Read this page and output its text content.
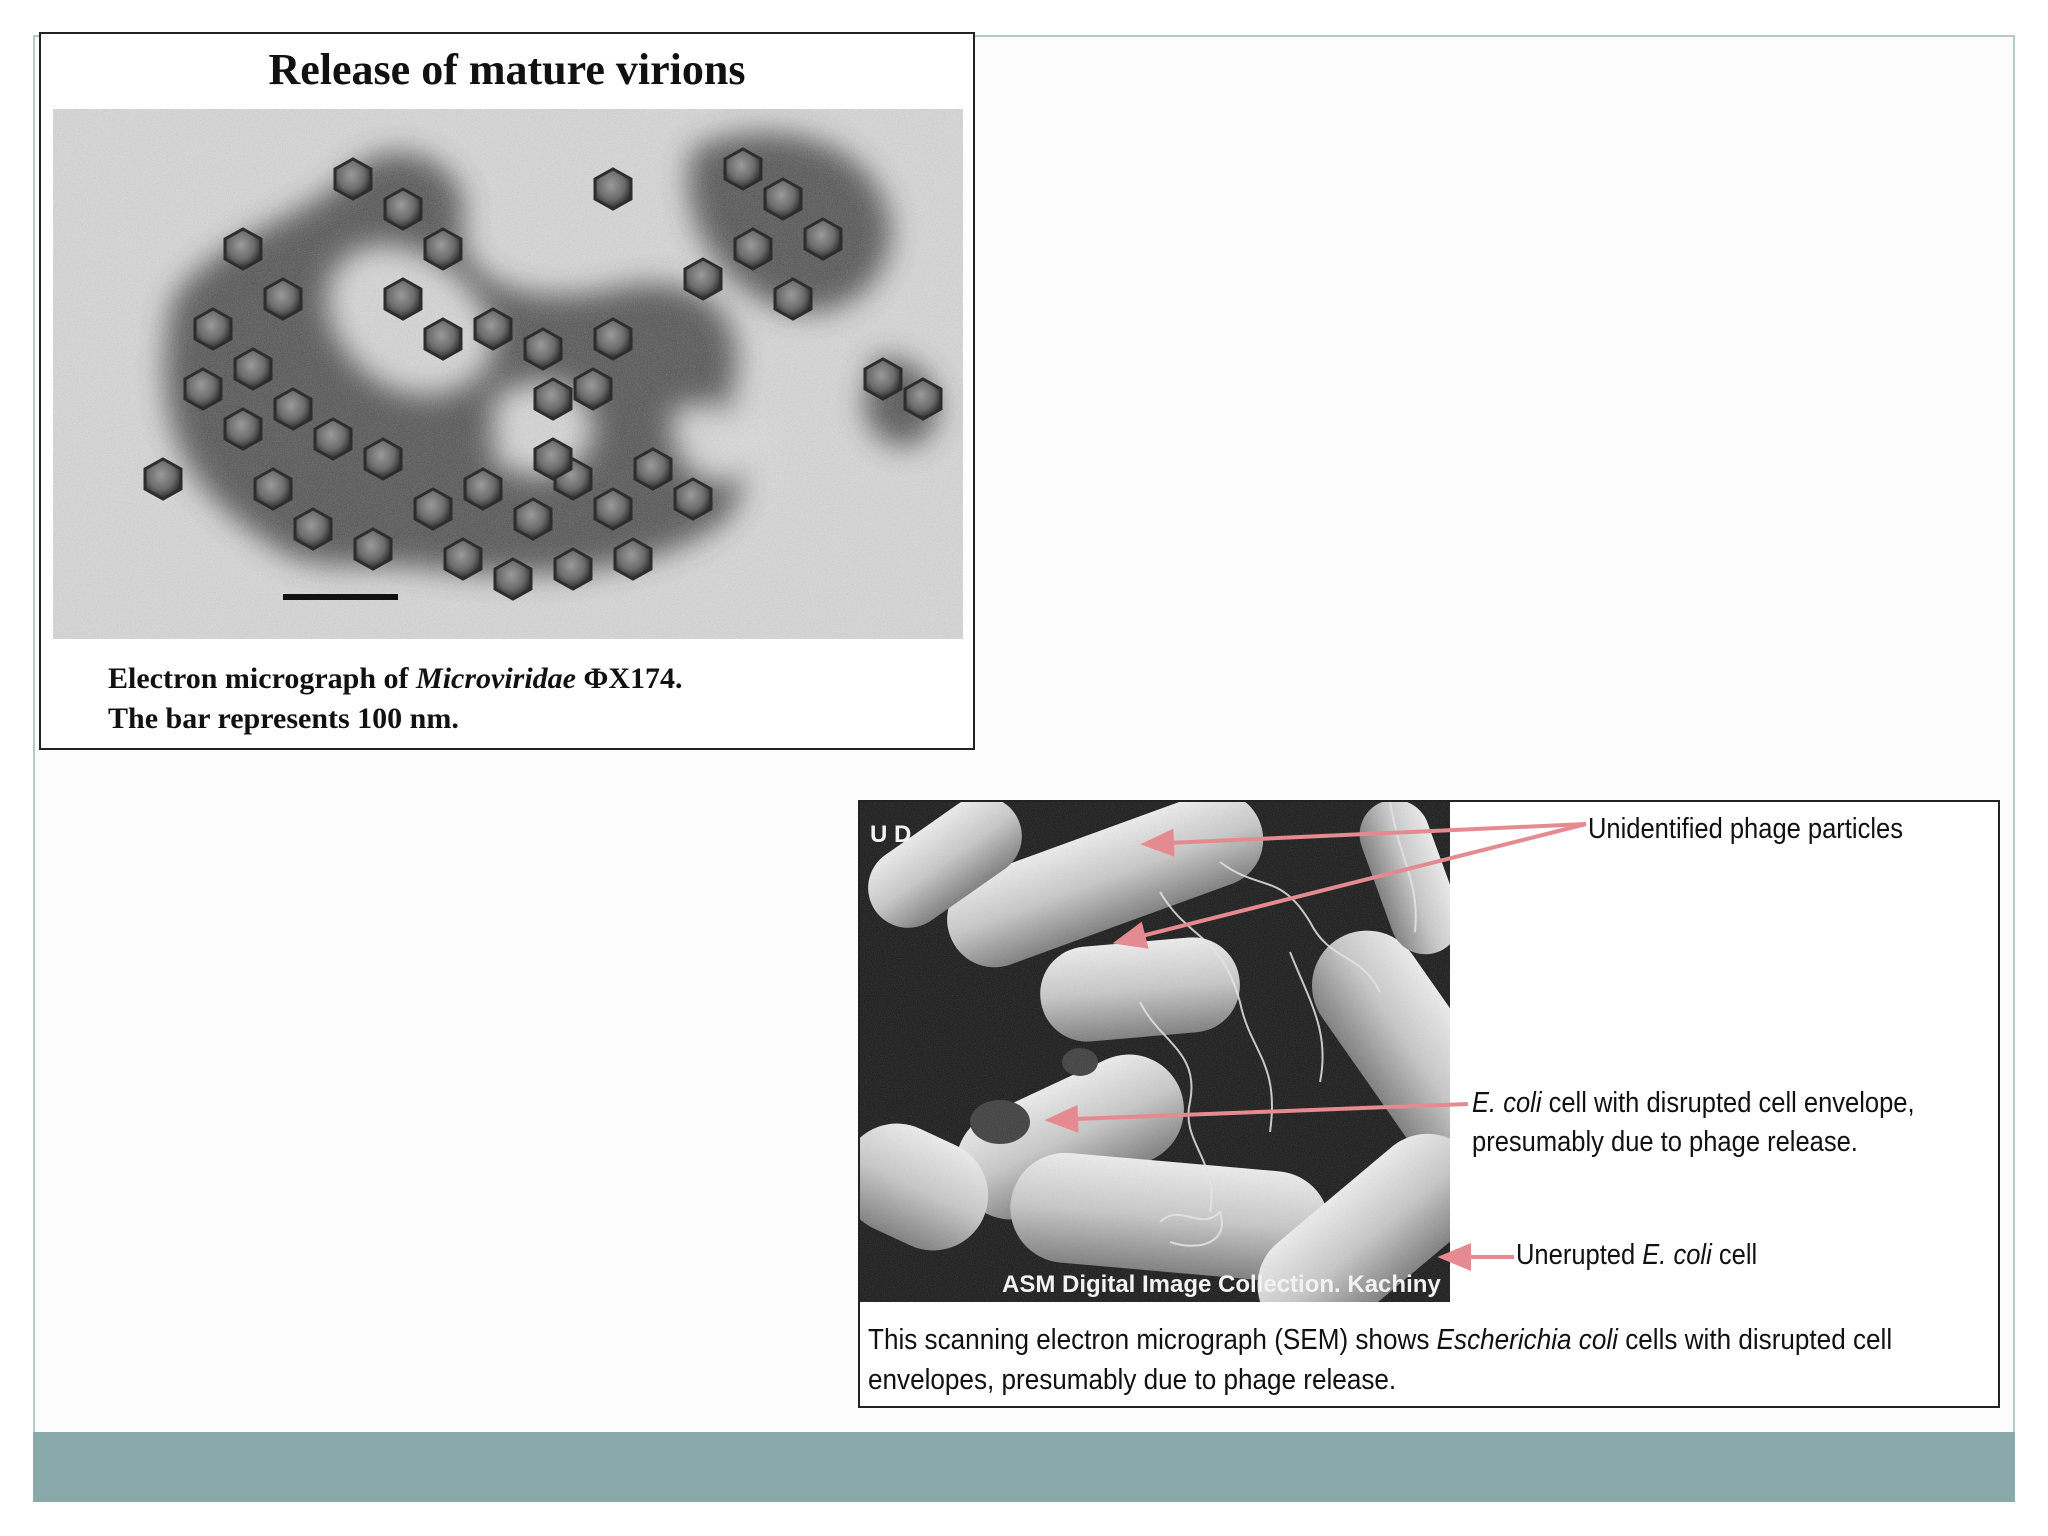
Release of mature virions
Electron micrograph of Microviridae ΦX174.
The bar represents 100 nm.
U D
ASM Digital Image Collection. Kachiny
Unidentified phage particles
E. coli cell with disrupted cell envelope,
presumably due to phage release.
Unerupted E. coli cell
This scanning electron micrograph (SEM) shows Escherichia coli cells with disrupted cell
envelopes, presumably due to phage release.
